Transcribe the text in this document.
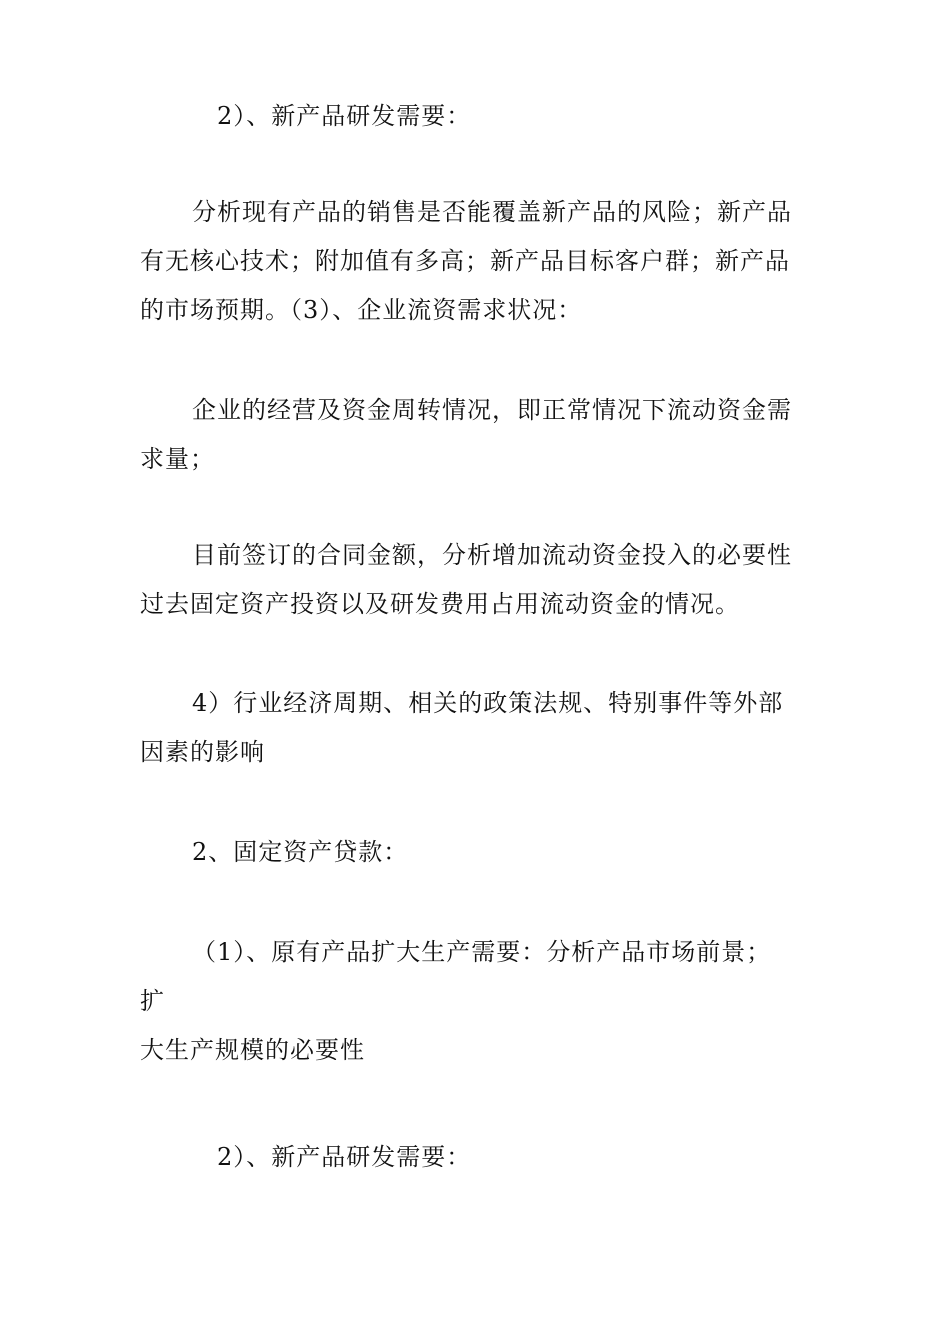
2）、新产品研发需要：

分析现有产品的销售是否能覆盖新产品的风险；新产品
有无核心技术；附加值有多高；新产品目标客户群；新产品
的市场预期。（3）、企业流资需求状况：

企业的经营及资金周转情况，即正常情况下流动资金需
求量；

目前签订的合同金额，分析增加流动资金投入的必要性
过去固定资产投资以及研发费用占用流动资金的情况。

4）行业经济周期、相关的政策法规、特别事件等外部
因素的影响

2、固定资产贷款：

（1）、原有产品扩大生产需要：分析产品市场前景；
扩
大生产规模的必要性

2）、新产品研发需要：
